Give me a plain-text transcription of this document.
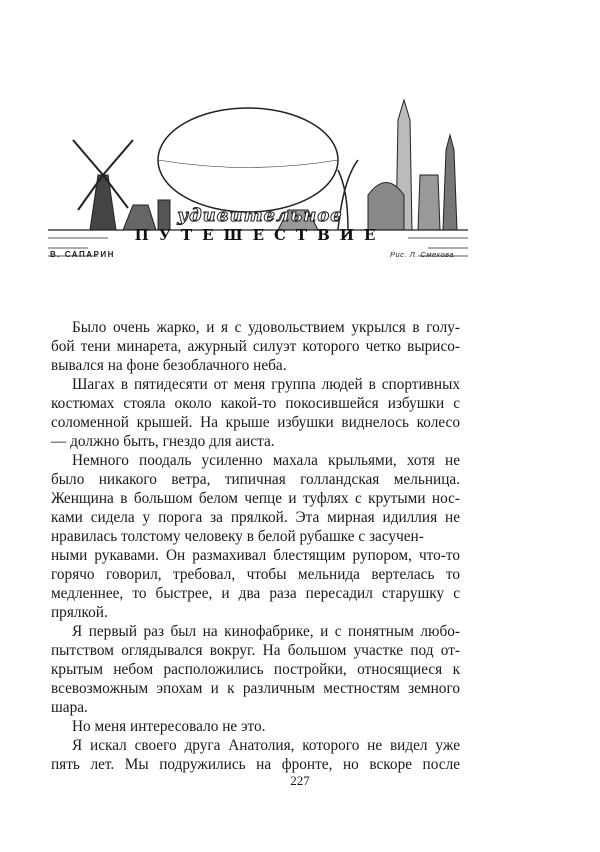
удивительное
ПУТЕШЕСТВИЕ
В. САПАРИН	Рис. Л. Смехова
Было очень жарко, и я с удовольствием укрылся в голу-
бой тени минарета, ажурный силуэт которого четко вырисо-
вывался на фоне безоблачного неба.
Шагах в пятидесяти от меня группа людей в спортивных
костюмах стояла около какой-то покосившейся избушки с
соломенной крышей. На крыше избушки виднелось колесо
— должно быть, гнездо для аиста.
Немного поодаль усиленно махала крыльями, хотя не
было никакого ветра, типичная голландская мельница.
Женщина в большом белом чепце и туфлях с крутыми нос-
ками сидела у порога за прялкой. Эта мирная идиллия не
нравилась толстому человеку в белой рубашке с засучен-
ными рукавами. Он размахивал блестящим рупором, что-то
горячо говорил, требовал, чтобы мельнида вертелась то
медленнее, то быстрее, и два раза пересадил старушку с
прялкой.
Я первый раз был на кинофабрике, и с понятным любо-
пытством оглядывался вокруг. На большом участке под от-
крытым небом расположились постройки, относящиеся к
всевозможным эпохам и к различным местностям земного
шара.
Но меня интересовало не это.
Я искал своего друга Анатолия, которого не видел уже
пять лет. Мы подружились на фронте, но вскоре после
227
